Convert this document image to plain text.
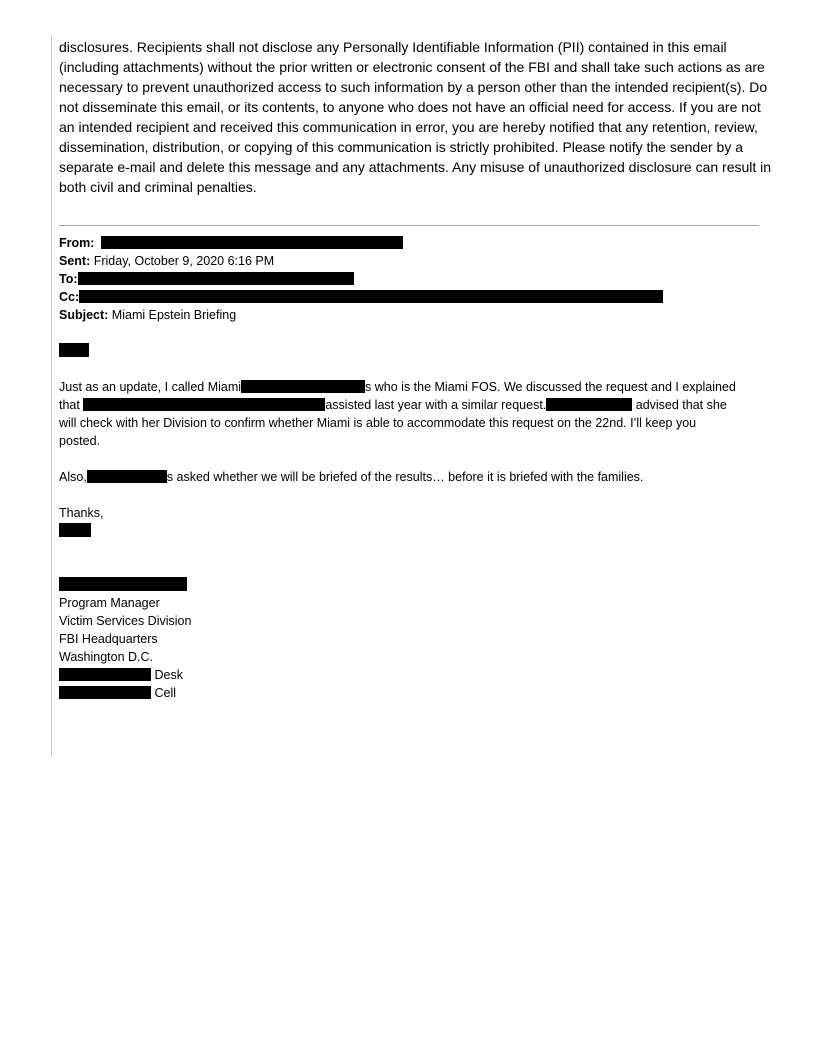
disclosures. Recipients shall not disclose any Personally Identifiable Information (PII) contained in this email (including attachments) without the prior written or electronic consent of the FBI and shall take such actions as are necessary to prevent unauthorized access to such information by a person other than the intended recipient(s). Do not disseminate this email, or its contents, to anyone who does not have an official need for access. If you are not an intended recipient and received this communication in error, you are hereby notified that any retention, review, dissemination, distribution, or copying of this communication is strictly prohibited. Please notify the sender by a separate e-mail and delete this message and any attachments. Any misuse of unauthorized disclosure can result in both civil and criminal penalties.

From:
Sent: Friday, October 9, 2020 6:16 PM
To:
Cc:
Subject: Miami Epstein Briefing
Just as an update, I called Miami	s who is the Miami FOS. We discussed the request and I explained
that	assisted last year with a similar request.	advised that she
will check with her Division to confirm whether Miami is able to accommodate this request on the 22nd. I’ll keep you
posted.
Also,	s asked whether we will be briefed of the results… before it is briefed with the families.
Thanks,
Program Manager
Victim Services Division
FBI Headquarters
Washington D.C.
Desk
Cell
